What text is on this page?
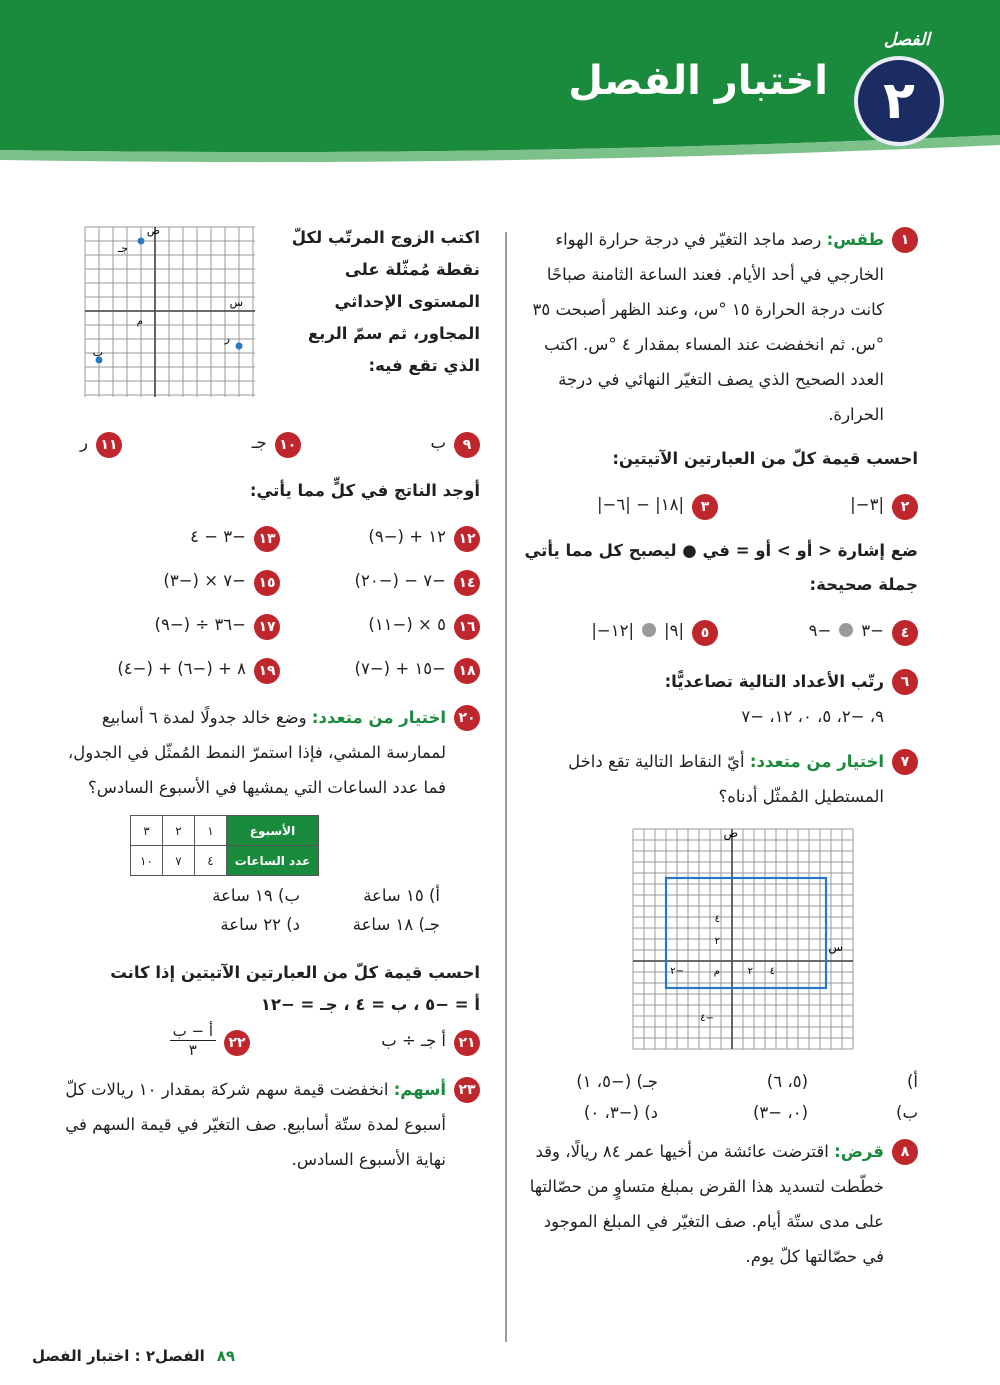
الفصل
٢
اختبار الفصل
١
طقس: رصد ماجد التغيّر في درجة حرارة الهواء الخارجي في أحد الأيام. فعند الساعة الثامنة صباحًا كانت درجة الحرارة ١٥ °س، وعند الظهر أصبحت ٣٥ °س. ثم انخفضت عند المساء بمقدار ٤ °س. اكتب العدد الصحيح الذي يصف التغيّر النهائي في درجة الحرارة.
احسب قيمة كلّ من العبارتين الآتيتين:
٢
|−٣|
٣
|−١٨| − |٦|
ضع إشارة < أو > أو = في ● ليصبح كل مما يأتي جملة صحيحة:
٤
−٣
−٩
٥
|٩|
|−١٢|
٦
رتّب الأعداد التالية تصاعديًّا:
٩، −٢، ٥، ٠، ١٢، −٧
٧
اختيار من متعدد: أيّ النقاط التالية تقع داخل المستطيل المُمثّل أدناه؟
س
ص
م	٢ ٤
−٢
٢
٤
−٤
أ)
(٥، ٦)
جـ) (−٥، ١)
ب)
(٠، −٣)
د) (−٣، ٠)
٨
قرض: اقترضت عائشة من أخيها عمر ٨٤ ريالًا، وقد خطّطت لتسديد هذا القرض بمبلغ متساوٍ من حصّالتها على مدى ستّة أيام. صف التغيّر في المبلغ الموجود في حصّالتها كلّ يوم.
اكتب الزوج المرتّب لكلّ نقطة مُمثّلة على المستوى الإحداثي المجاور، ثم سمّ الربع الذي تقع فيه:
جـ
ر
ب
س
ص
م
٩
ب
١٠
جـ
١١
ر
أوجد الناتج في كلٍّ مما يأتي:
١٢
١٢ + (−٩)
١٣
−٣ − ٤
١٤
−٧ − (−٢٠)
١٥
−٧ × (−٣)
١٦
٥ × (−١١)
١٧
−٣٦ ÷ (−٩)
١٨
−١٥ + (−٧)
١٩
٨ + (−٦) + (−٤)
٢٠
اختيار من متعدد: وضع خالد جدولًا لمدة ٦ أسابيع لممارسة المشي، فإذا استمرّ النمط المُمثّل في الجدول، فما عدد الساعات التي يمشيها في الأسبوع السادس؟
الأسبوع	١	٢	٣
عدد الساعات	٤	٧	١٠
أ) ١٥ ساعة
ب) ١٩ ساعة
جـ) ١٨ ساعة
د) ٢٢ ساعة
احسب قيمة كلّ من العبارتين الآتيتين إذا كانت
أ = −٥ ، ب = ٤ ، جـ = −١٢
٢١
أ جـ ÷ ب
٢٢
$\frac{\text{أ − ب}}{٣}$
٢٣
أسهم: انخفضت قيمة سهم شركة بمقدار ١٠ ريالات كلّ أسبوع لمدة ستّة أسابيع. صف التغيّر في قيمة السهم في نهاية الأسبوع السادس.
٨٩
الفصل٢ : اختبار الفصل
